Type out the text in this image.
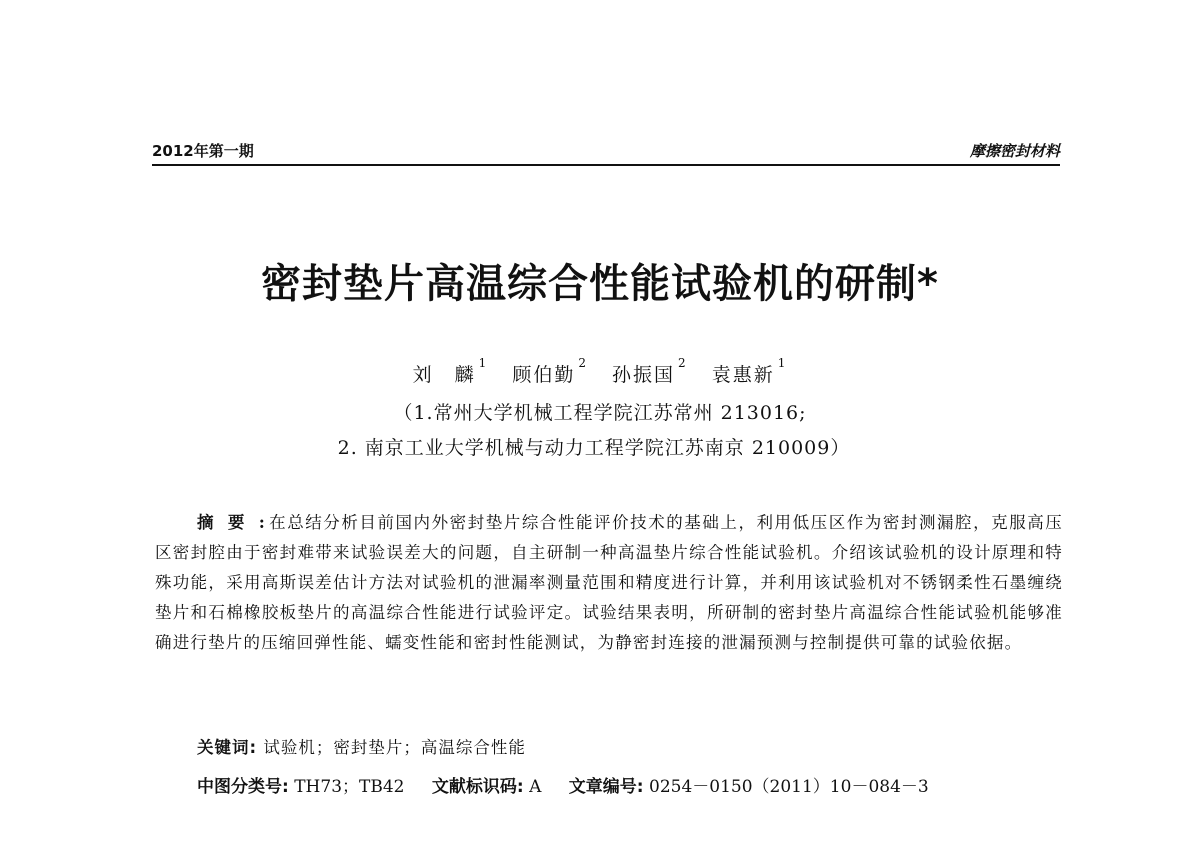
2012年第一期	摩擦密封材料
密封垫片高温综合性能试验机的研制*
刘　麟$^1$ 顾伯勤$^2$ 孙振国$^2$ 袁惠新$^1$
（1.常州大学机械工程学院江苏常州 213016;
2. 南京工业大学机械与动力工程学院江苏南京 210009）
摘要: 在总结分析目前国内外密封垫片综合性能评价技术的基础上，利用低压区作为密封测漏腔，克服高压区密封腔由于密封难带来试验误差大的问题，自主研制一种高温垫片综合性能试验机。介绍该试验机的设计原理和特殊功能，采用高斯误差估计方法对试验机的泄漏率测量范围和精度进行计算，并利用该试验机对不锈钢柔性石墨缠绕垫片和石棉橡胶板垫片的高温综合性能进行试验评定。试验结果表明，所研制的密封垫片高温综合性能试验机能够准确进行垫片的压缩回弹性能、蠕变性能和密封性能测试，为静密封连接的泄漏预测与控制提供可靠的试验依据。
关键词: 试验机；密封垫片；高温综合性能
中图分类号: TH73；TB42 文献标识码: A 文章编号: 0254－0150（2011）10－084－3
